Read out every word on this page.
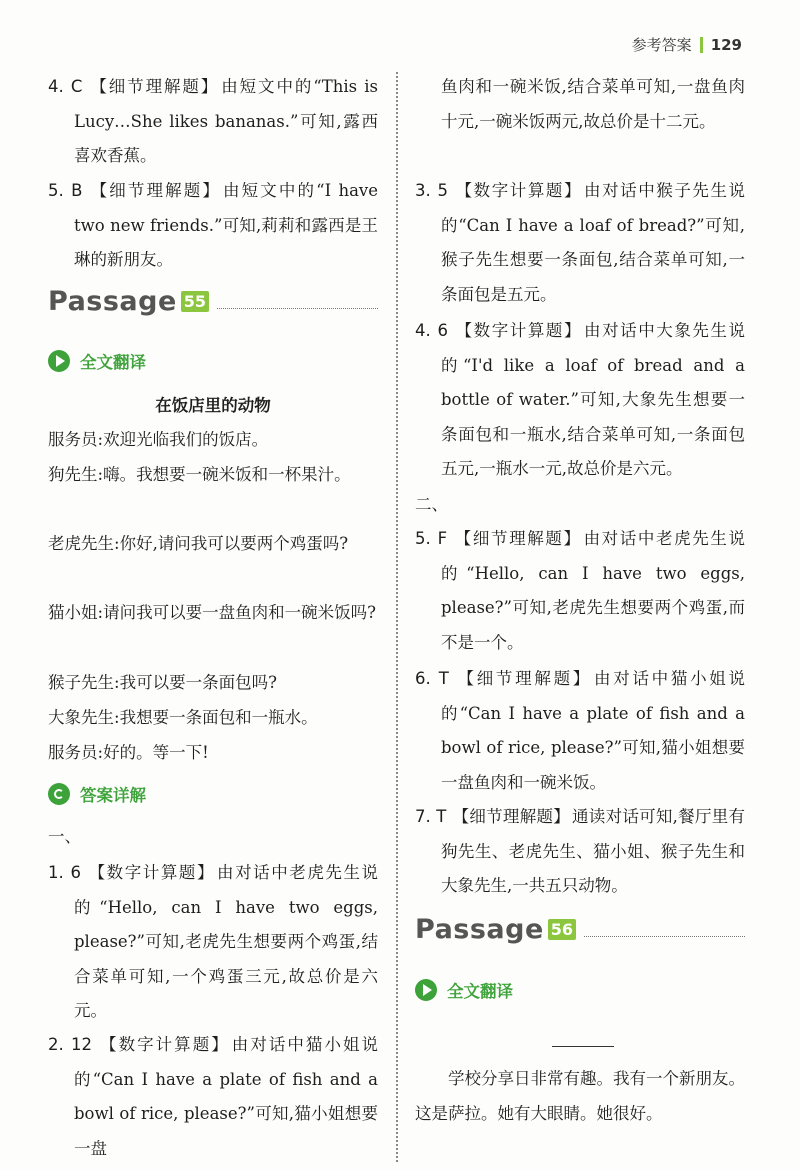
参考答案 129
4. C 【细节理解题】 由短文中的“This is Lucy…She likes bananas.”可知,露西喜欢香蕉。
5. B 【细节理解题】 由短文中的“I have two new friends.”可知,莉莉和露西是王琳的新朋友。
Passage 55
全文翻译
在饭店里的动物
服务员:欢迎光临我们的饭店。
狗先生:嗨。我想要一碗米饭和一杯果汁。
老虎先生:你好,请问我可以要两个鸡蛋吗?
猫小姐:请问我可以要一盘鱼肉和一碗米饭吗?
猴子先生:我可以要一条面包吗?
大象先生:我想要一条面包和一瓶水。
服务员:好的。等一下!
答案详解
一、
1. 6 【数字计算题】 由对话中老虎先生说的“Hello, can I have two eggs, please?”可知,老虎先生想要两个鸡蛋,结合菜单可知,一个鸡蛋三元,故总价是六元。
2. 12 【数字计算题】 由对话中猫小姐说的“Can I have a plate of fish and a bowl of rice, please?”可知,猫小姐想要一盘
鱼肉和一碗米饭,结合菜单可知,一盘鱼肉十元,一碗米饭两元,故总价是十二元。
3. 5 【数字计算题】 由对话中猴子先生说的“Can I have a loaf of bread?”可知,猴子先生想要一条面包,结合菜单可知,一条面包是五元。
4. 6 【数字计算题】 由对话中大象先生说的“I'd like a loaf of bread and a bottle of water.”可知,大象先生想要一条面包和一瓶水,结合菜单可知,一条面包五元,一瓶水一元,故总价是六元。
二、
5. F 【细节理解题】 由对话中老虎先生说的“Hello, can I have two eggs, please?”可知,老虎先生想要两个鸡蛋,而不是一个。
6. T 【细节理解题】 由对话中猫小姐说的“Can I have a plate of fish and a bowl of rice, please?”可知,猫小姐想要一盘鱼肉和一碗米饭。
7. T 【细节理解题】 通读对话可知,餐厅里有狗先生、老虎先生、猫小姐、猴子先生和大象先生,一共五只动物。
Passage 56
全文翻译
学校分享日非常有趣。我有一个新朋友。这是萨拉。她有大眼睛。她很好。
